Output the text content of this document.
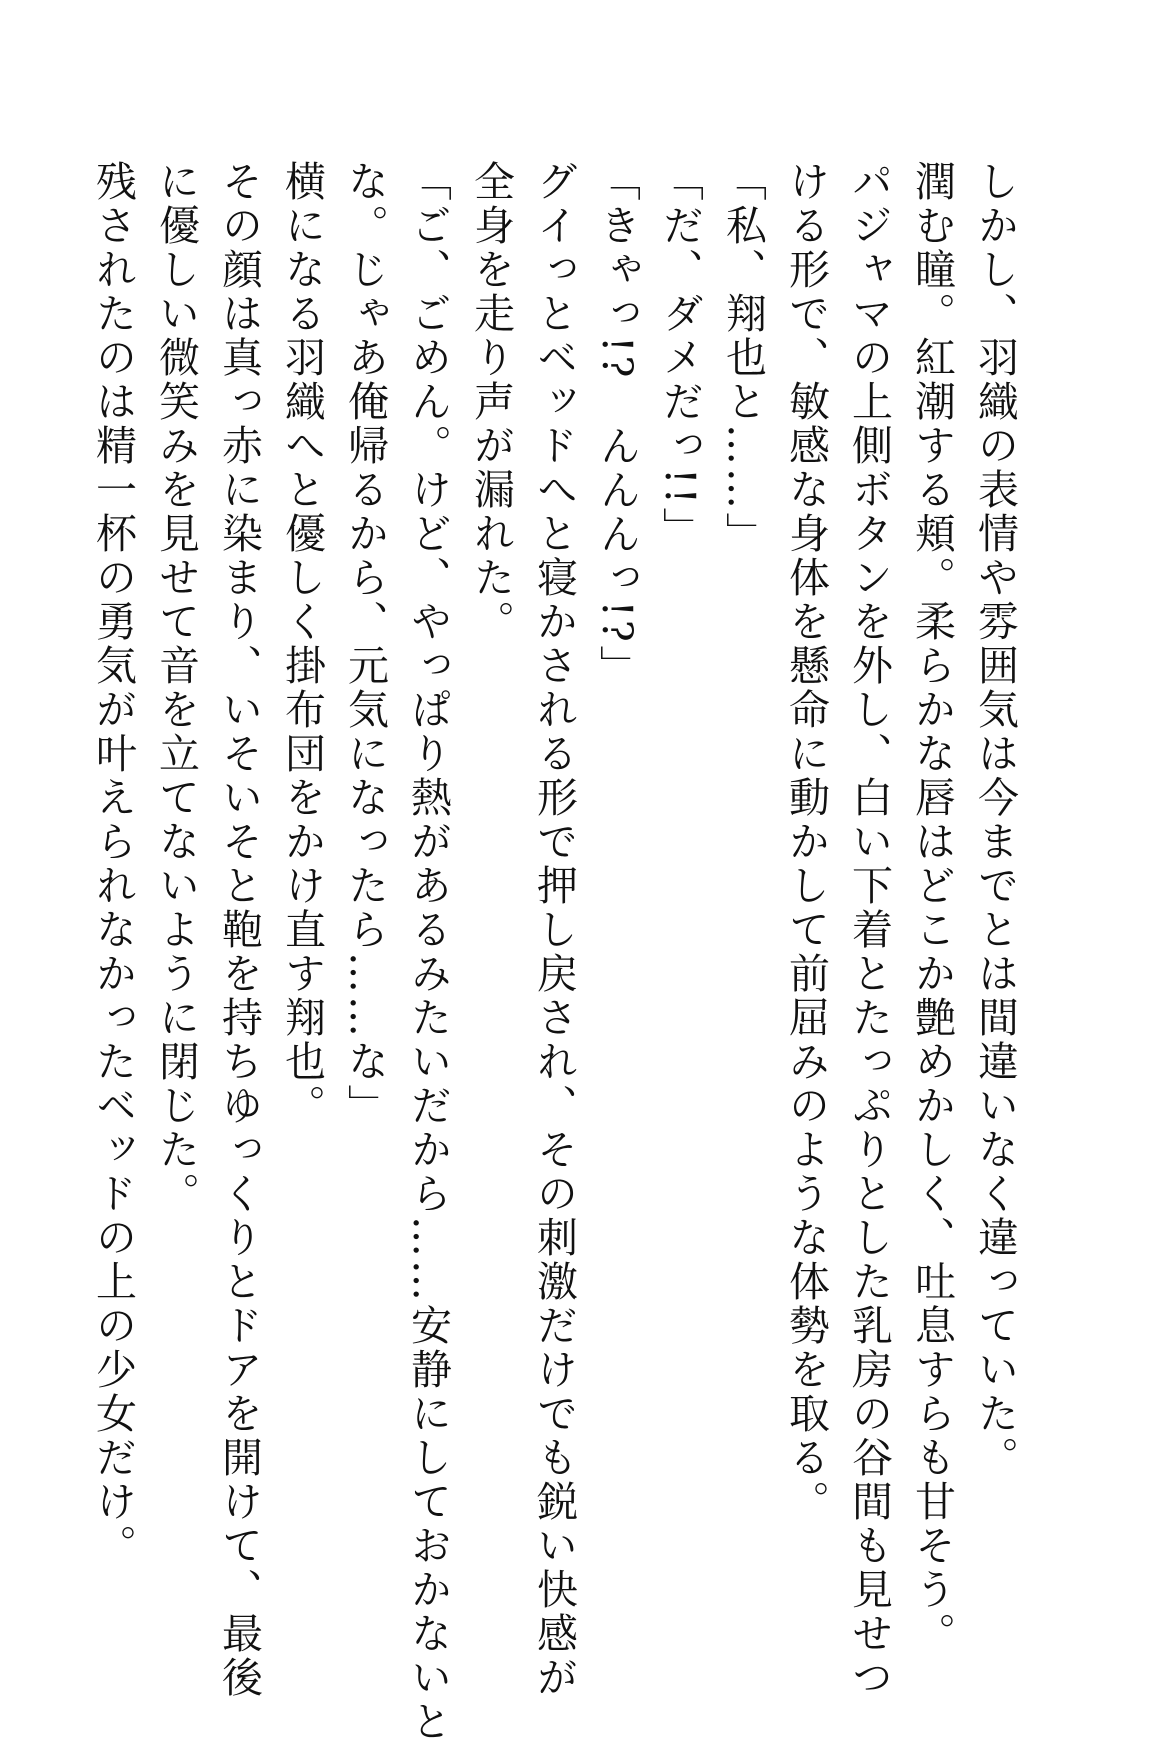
しかし、羽織の表情や雰囲気は今までとは間違いなく違っていた。

潤む瞳。紅潮する頬。柔らかな唇はどこか艶めかしく、吐息すらも甘そう。

パジャマの上側ボタンを外し、白い下着とたっぷりとした乳房の谷間も見せつ

ける形で、敏感な身体を懸命に動かして前屈みのような体勢を取る。

「私、翔也と……」

「だ、ダメだっ!!」

「きゃっ!?　んんんっ!?」

グイっとベッドへと寝かされる形で押し戻され、その刺激だけでも鋭い快感が

全身を走り声が漏れた。

「ご、ごめん。けど、やっぱり熱があるみたいだから……安静にしておかないと

な。じゃあ俺帰るから、元気になったら……な」

横になる羽織へと優しく掛布団をかけ直す翔也。

その顔は真っ赤に染まり、いそいそと鞄を持ちゆっくりとドアを開けて、最後

に優しい微笑みを見せて音を立てないように閉じた。

残されたのは精一杯の勇気が叶えられなかったベッドの上の少女だけ。
